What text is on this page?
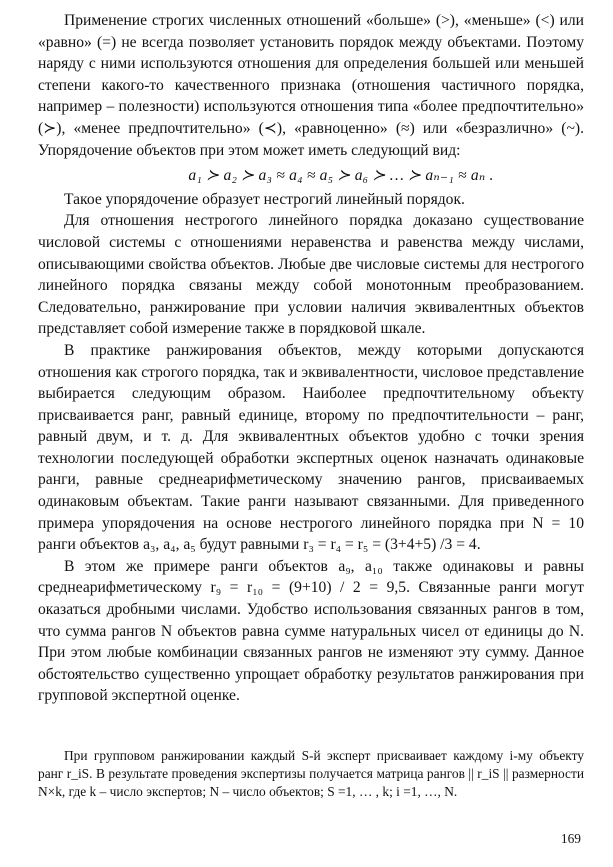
Применение строгих численных отношений «больше» (>), «меньше» (<) или «равно» (=) не всегда позволяет установить порядок между объектами. Поэтому наряду с ними используются отношения для определения большей или меньшей степени какого-то качественного признака (отношения частичного порядка, например – полезности) используются отношения типа «более предпочтительно» (≻), «менее предпочтительно» (≺), «равноценно» (≈) или «безразлично» (~). Упорядочение объектов при этом может иметь следующий вид:

a₁ ≻ a₂ ≻ a₃ ≈ a₄ ≈ a₅ ≻ a₆ ≻ … ≻ aₙ₋₁ ≈ aₙ .

Такое упорядочение образует нестрогий линейный порядок.

Для отношения нестрогого линейного порядка доказано существование числовой системы с отношениями неравенства и равенства между числами, описывающими свойства объектов. Любые две числовые системы для нестрогого линейного порядка связаны между собой монотонным преобразованием. Следовательно, ранжирование при условии наличия эквивалентных объектов представляет собой измерение также в порядковой шкале.

В практике ранжирования объектов, между которыми допускаются отношения как строгого порядка, так и эквивалентности, числовое представление выбирается следующим образом. Наиболее предпочтительному объекту присваивается ранг, равный единице, второму по предпочтительности – ранг, равный двум, и т. д. Для эквивалентных объектов удобно с точки зрения технологии последующей обработки экспертных оценок назначать одинаковые ранги, равные среднеарифметическому значению рангов, присваиваемых одинаковым объектам. Такие ранги называют связанными. Для приведенного примера упорядочения на основе нестрогого линейного порядка при N = 10 ранги объектов a₃, a₄, a₅ будут равными r₃ = r₄ = r₅ = (3+4+5) /3 = 4.

В этом же примере ранги объектов a₉, a₁₀ также одинаковы и равны среднеарифметическому r₉ = r₁₀ = (9+10) / 2 = 9,5. Связанные ранги могут оказаться дробными числами. Удобство использования связанных рангов в том, что сумма рангов N объектов равна сумме натуральных чисел от единицы до N. При этом любые комбинации связанных рангов не изменяют эту сумму. Данное обстоятельство существенно упрощает обработку результатов ранжирования при групповой экспертной оценке.

При групповом ранжировании каждый S-й эксперт присваивает каждому i-му объекту ранг r_iS. В результате проведения экспертизы получается матрица рангов || r_iS || размерности N×k, где k – число экспертов; N – число объектов; S =1, … , k; i =1, …, N.

169
